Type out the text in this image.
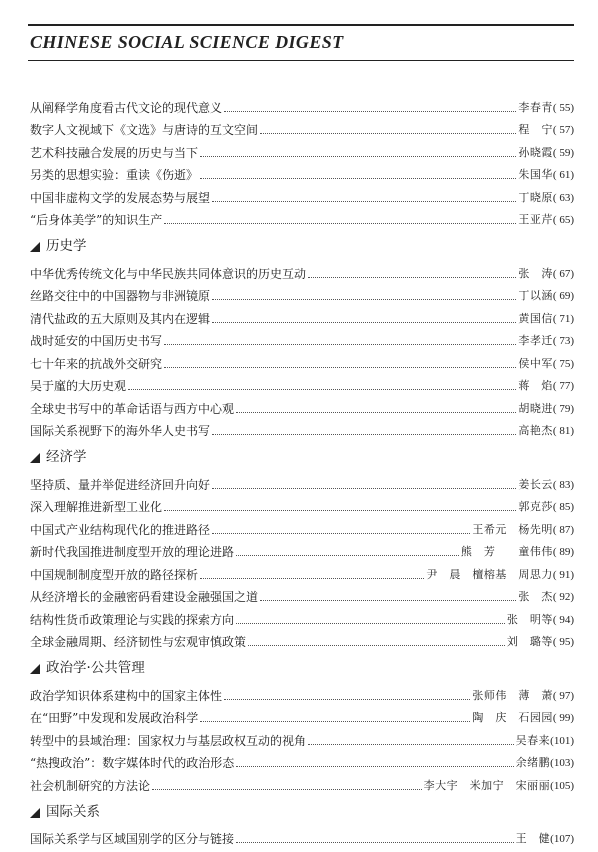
CHINESE SOCIAL SCIENCE DIGEST
从阐释学角度看古代文论的现代意义	李春青 ( 55)
数字人文视域下《文选》与唐诗的互文空间	程　宁 ( 57)
艺术科技融合发展的历史与当下	孙晓霞 ( 59)
另类的思想实验：重读《伤逝》	朱国华 ( 61)
中国非虚构文学的发展态势与展望	丁晓原 ( 63)
“后身体美学”的知识生产	王亚芹 ( 65)
历史学
中华优秀传统文化与中华民族共同体意识的历史互动	张　涛 ( 67)
丝路交往中的中国器物与非洲镜原	丁以涵 ( 69)
清代盐政的五大原则及其内在逻辑	黄国信 ( 71)
战时延安的中国历史书写	李孝迁 ( 73)
七十年来的抗战外交研究	侯中军 ( 75)
吴于廑的大历史观	蒋　焰 ( 77)
全球史书写中的革命话语与西方中心观	胡晓进 ( 79)
国际关系视野下的海外华人史书写	高艳杰 ( 81)
经济学
坚持质、量并举促进经济回升向好	姜长云 ( 83)
深入理解推进新型工业化	郭克莎 ( 85)
中国式产业结构现代化的推进路径	王希元　杨先明 ( 87)
新时代我国推进制度型开放的理论进路	熊　芳　　童伟伟 ( 89)
中国规制制度型开放的路径探析	尹　晨　檀榕基　周思力 ( 91)
从经济增长的金融密码看建设金融强国之道	张　杰 ( 92)
结构性货币政策理论与实践的探索方向	张　明等 ( 94)
全球金融周期、经济韧性与宏观审慎政策	刘　璐等 ( 95)
政治学·公共管理
政治学知识体系建构中的国家主体性	张师伟　薄　萧 ( 97)
在“田野”中发现和发展政治科学	陶　庆　石园园 ( 99)
转型中的县域治理：国家权力与基层政权互动的视角	吴春来 (101)
“热搜政治”：数字媒体时代的政治形态	余绪鹏 (103)
社会机制研究的方法论	李大宇　米加宁　宋丽丽 (105)
国际关系
国际关系学与区域国别学的区分与链接	王　健 (107)
